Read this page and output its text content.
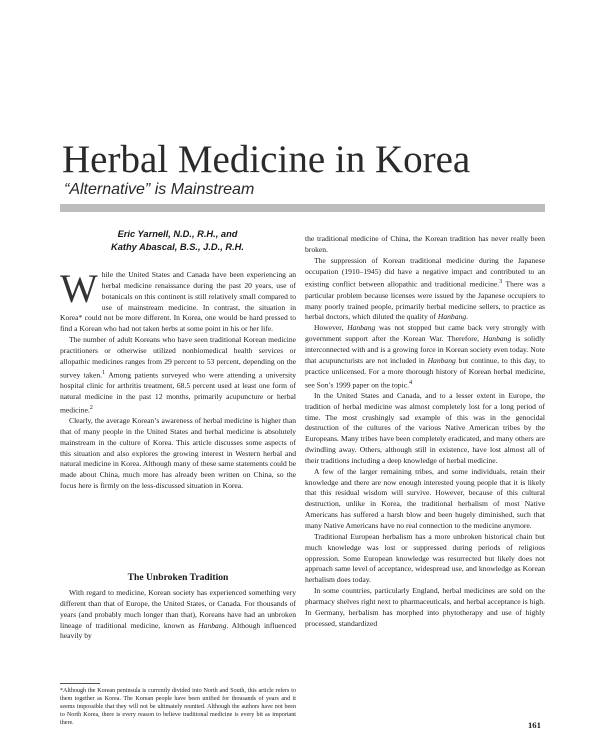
Herbal Medicine in Korea
“Alternative” is Mainstream
Eric Yarnell, N.D., R.H., and
Kathy Abascal, B.S., J.D., R.H.

While the United States and Canada have been experiencing an herbal medicine renaissance during the past 20 years, use of botanicals on this continent is still relatively small compared to use of mainstream medicine. In contrast, the situation in Korea* could not be more different. In Korea, one would be hard pressed to find a Korean who had not taken herbs at some point in his or her life.

The number of adult Koreans who have seen traditional Korean medicine practitioners or otherwise utilized nonbiomedical health services or allopathic medicines ranges from 29 percent to 53 percent, depending on the survey taken.$^1$ Among patients surveyed who were attending a university hospital clinic for arthritis treatment, 68.5 percent used at least one form of natural medicine in the past 12 months, primarily acupuncture or herbal medicine.$^2$

Clearly, the average Korean’s awareness of herbal medicine is higher than that of many people in the United States and herbal medicine is absolutely mainstream in the culture of Korea. This article discusses some aspects of this situation and also explores the growing interest in Western herbal and natural medicine in Korea. Although many of these same statements could be made about China, much more has already been written on China, so the focus here is firmly on the less-discussed situation in Korea.

The Unbroken Tradition

With regard to medicine, Korean society has experienced something very different than that of Europe, the United States, or Canada. For thousands of years (and probably much longer than that), Koreans have had an unbroken lineage of traditional medicine, known as Hanbang. Although influenced heavily by

*Although the Korean peninsula is currently divided into North and South, this article refers to them together as Korea. The Korean people have been unified for thousands of years and it seems impossible that they will not be ultimately reunited. Although the authors have not been to North Korea, there is every reason to believe traditional medicine is every bit as important there.

the traditional medicine of China, the Korean tradition has never really been broken.

The suppression of Korean traditional medicine during the Japanese occupation (1910–1945) did have a negative impact and contributed to an existing conflict between allopathic and traditional medicine.$^3$ There was a particular problem because licenses were issued by the Japanese occupiers to many poorly trained people, primarily herbal medicine sellers, to practice as herbal doctors, which diluted the quality of Hanbang.

However, Hanbang was not stopped but came back very strongly with government support after the Korean War. Therefore, Hanbang is solidly interconnected with and is a growing force in Korean society even today. Note that acupuncturists are not included in Hanbang but continue, to this day, to practice unlicensed. For a more thorough history of Korean herbal medicine, see Son’s 1999 paper on the topic.$^4$

In the United States and Canada, and to a lesser extent in Europe, the tradition of herbal medicine was almost completely lost for a long period of time. The most crushingly sad example of this was in the genocidal destruction of the cultures of the various Native American tribes by the Europeans. Many tribes have been completely eradicated, and many others are dwindling away. Others, although still in existence, have lost almost all of their traditions including a deep knowledge of herbal medicine.

A few of the larger remaining tribes, and some individuals, retain their knowledge and there are now enough interested young people that it is likely that this residual wisdom will survive. However, because of this cultural destruction, unlike in Korea, the traditional herbalism of most Native Americans has suffered a harsh blow and been hugely diminished, such that many Native Americans have no real connection to the medicine anymore.

Traditional European herbalism has a more unbroken historical chain but much knowledge was lost or suppressed during periods of religious oppression. Some European knowledge was resurrected but likely does not approach same level of acceptance, widespread use, and knowledge as Korean herbalism does today.

In some countries, particularly England, herbal medicines are sold on the pharmacy shelves right next to pharmaceuticals, and herbal acceptance is high. In Germany, herbalism has morphed into phytotherapy and use of highly processed, standardized

161
